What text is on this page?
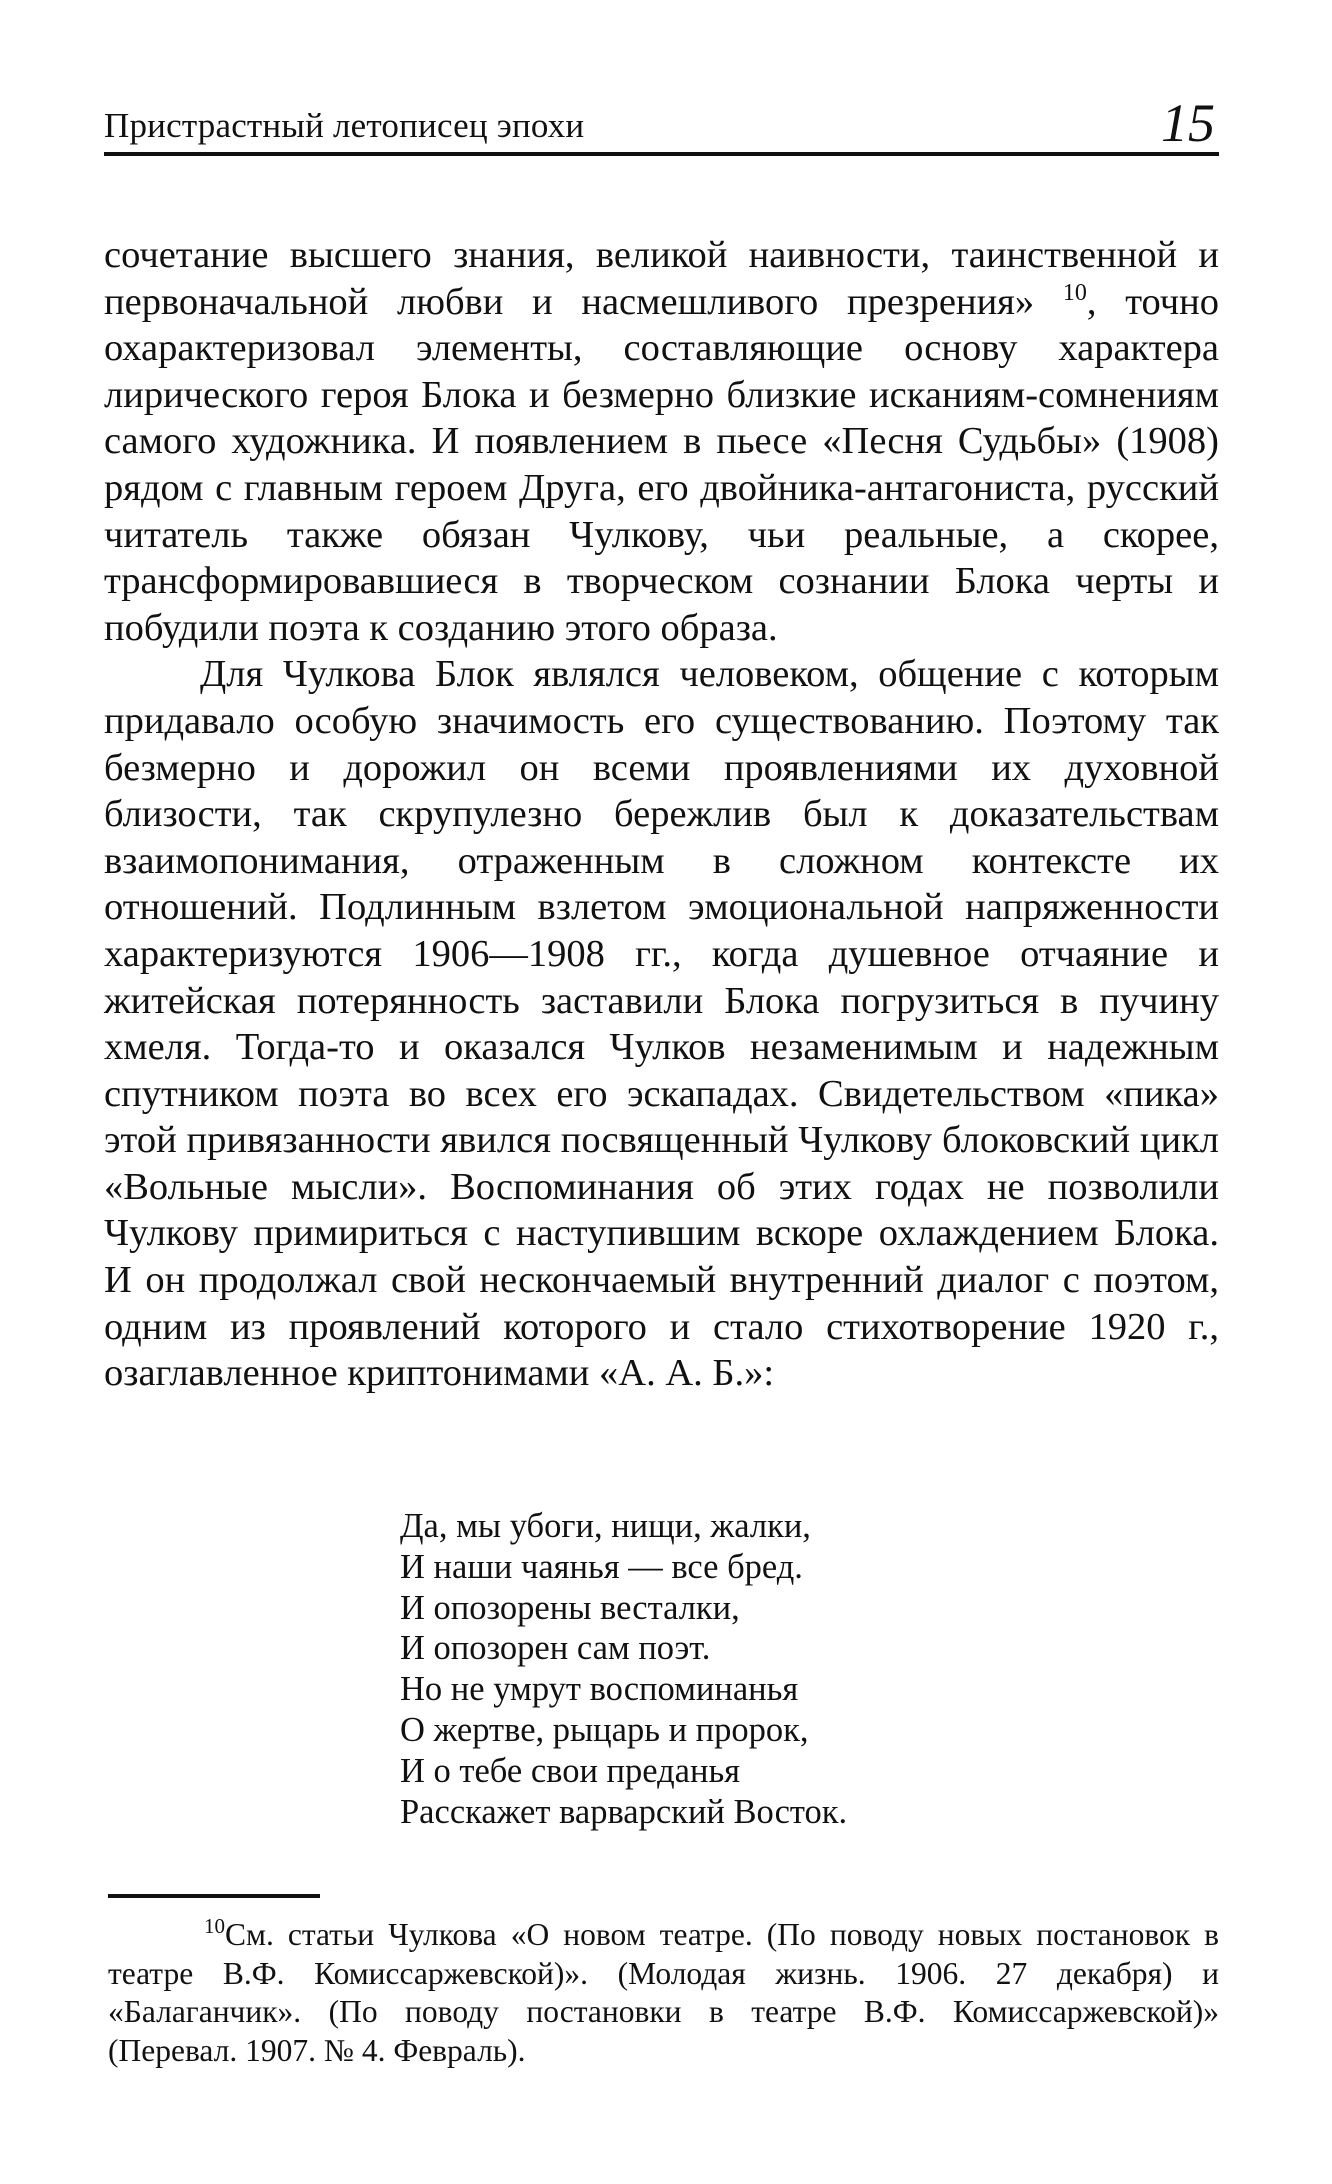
Пристрастный летописец эпохи	15

сочетание высшего знания, великой наивности, таинственной и первоначальной любви и насмешливого презрения» $^{10}$, точно охарактеризовал элементы, составляющие основу характера лирического героя Блока и безмерно близкие исканиям-сомнениям самого художника. И появлением в пьесе «Песня Судьбы» (1908) рядом с главным героем Друга, его двойника-антагониста, русский читатель также обязан Чулкову, чьи реальные, а скорее, трансформировавшиеся в творческом сознании Блока черты и побудили поэта к созданию этого образа.

Для Чулкова Блок являлся человеком, общение с которым придавало особую значимость его существованию. Поэтому так безмерно и дорожил он всеми проявлениями их духовной близости, так скрупулезно бережлив был к доказательствам взаимопонимания, отраженным в сложном контексте их отношений. Подлинным взлетом эмоциональной напряженности характеризуются 1906—1908 гг., когда душевное отчаяние и житейская потерянность заставили Блока погрузиться в пучину хмеля. Тогда-то и оказался Чулков незаменимым и надежным спутником поэта во всех его эскападах. Свидетельством «пика» этой привязанности явился посвященный Чулкову блоковский цикл «Вольные мысли». Воспоминания об этих годах не позволили Чулкову примириться с наступившим вскоре охлаждением Блока. И он продолжал свой нескончаемый внутренний диалог с поэтом, одним из проявлений которого и стало стихотворение 1920 г., озаглавленное криптонимами «А. А. Б.»:

Да, мы убоги, нищи, жалки,
И наши чаянья — все бред.
И опозорены весталки,
И опозорен сам поэт.
Но не умрут воспоминанья
О жертве, рыцарь и пророк,
И о тебе свои преданья
Расскажет варварский Восток.

$^{10}$См. статьи Чулкова «О новом театре. (По поводу новых постановок в театре В.Ф. Комиссаржевской)». (Молодая жизнь. 1906. 27 декабря) и «Балаганчик». (По поводу постановки в театре В.Ф. Комиссаржевской)» (Перевал. 1907. № 4. Февраль).
